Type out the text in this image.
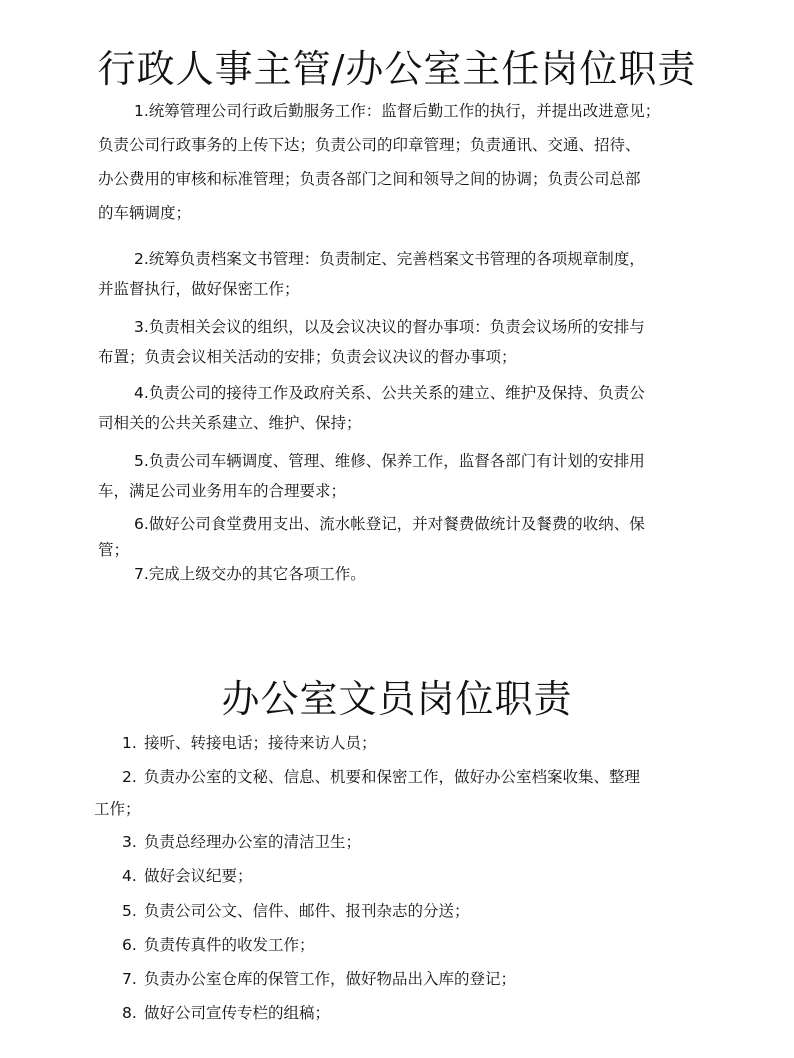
行政人事主管/办公室主任岗位职责

1.统筹管理公司行政后勤服务工作：监督后勤工作的执行，并提出改进意见；

负责公司行政事务的上传下达；负责公司的印章管理；负责通讯、交通、招待、

办公费用的审核和标准管理；负责各部门之间和领导之间的协调；负责公司总部

的车辆调度；

2.统筹负责档案文书管理：负责制定、完善档案文书管理的各项规章制度，

并监督执行，做好保密工作；

3.负责相关会议的组织，以及会议决议的督办事项：负责会议场所的安排与

布置；负责会议相关活动的安排；负责会议决议的督办事项；

4.负责公司的接待工作及政府关系、公共关系的建立、维护及保持、负责公

司相关的公共关系建立、维护、保持；

5.负责公司车辆调度、管理、维修、保养工作，监督各部门有计划的安排用

车，满足公司业务用车的合理要求；

6.做好公司食堂费用支出、流水帐登记，并对餐费做统计及餐费的收纳、保

管；

7.完成上级交办的其它各项工作。

办公室文员岗位职责
1. 接听、转接电话；接待来访人员；
2. 负责办公室的文秘、信息、机要和保密工作，做好办公室档案收集、整理

工作；

3. 负责总经理办公室的清洁卫生；
4. 做好会议纪要；
5. 负责公司公文、信件、邮件、报刊杂志的分送；
6. 负责传真件的收发工作；
7. 负责办公室仓库的保管工作，做好物品出入库的登记；
8. 做好公司宣传专栏的组稿；
